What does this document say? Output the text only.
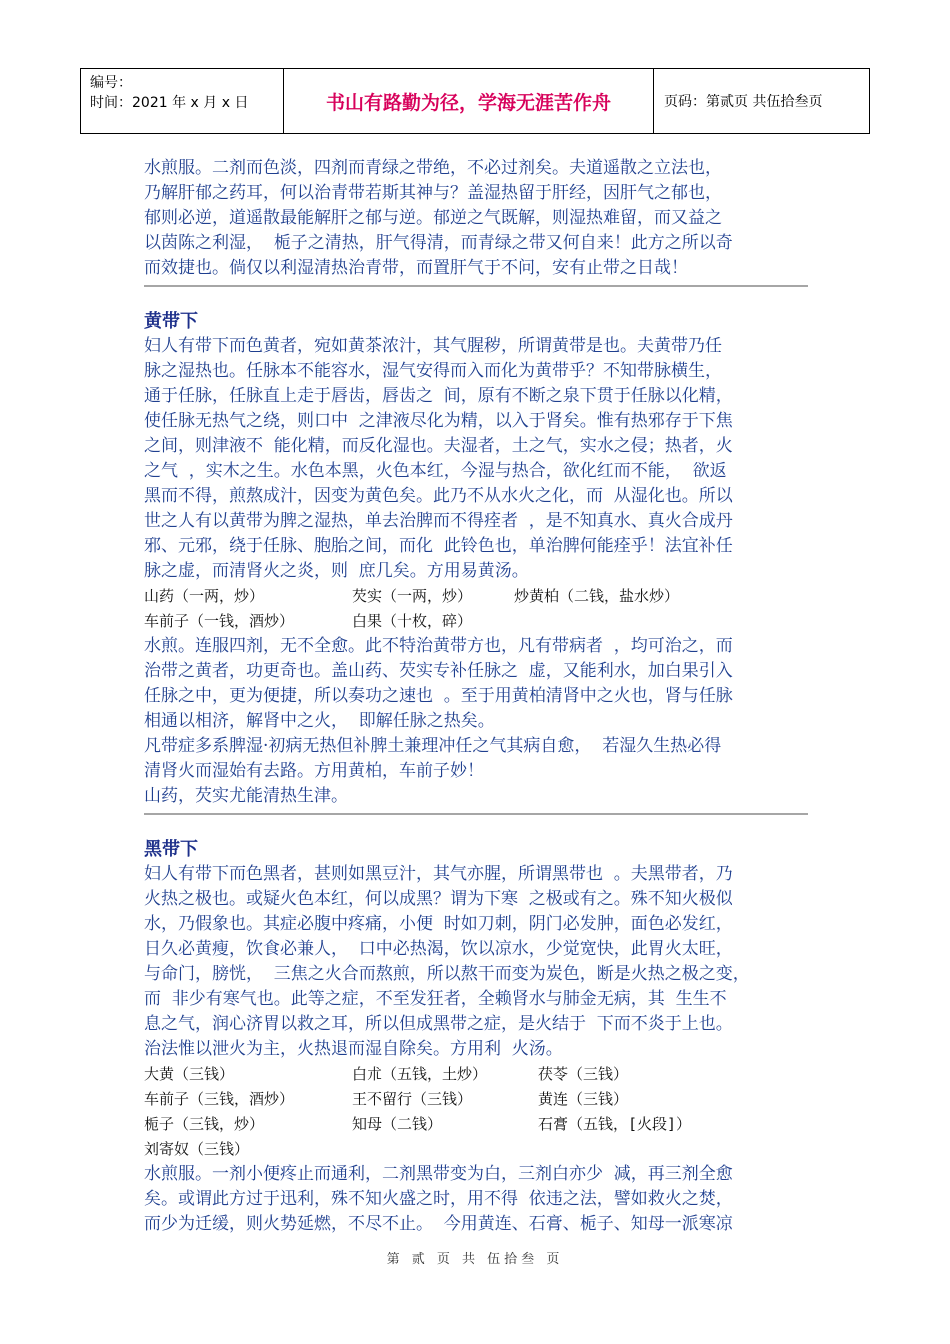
编号：
时间：2021 年 x 月 x 日	书山有路勤为径，学海无涯苦作舟	页码：第贰页 共伍拾叁页

水煎服。二剂而色淡，四剂而青绿之带绝，不必过剂矣。夫道遥散之立法也，

乃解肝郁之药耳，何以治青带若斯其神与？盖湿热留于肝经，因肝气之郁也，

郁则必逆，道遥散最能解肝之郁与逆。郁逆之气既解，则湿热难留，而又益之

以茵陈之利湿，  栀子之清热，肝气得清，而青绿之带又何自来！此方之所以奇

而效捷也。倘仅以利湿清热治青带，而置肝气于不问，安有止带之日哉！

黄带下

妇人有带下而色黄者，宛如黄茶浓汁，其气腥秽，所谓黄带是也。夫黄带乃任

脉之湿热也。任脉本不能容水，湿气安得而入而化为黄带乎？不知带脉横生，

通于任脉，任脉直上走于唇齿，唇齿之  间，原有不断之泉下贯于任脉以化精，

使任脉无热气之绕，则口中  之津液尽化为精，以入于肾矣。惟有热邪存于下焦

之间，则津液不  能化精，而反化湿也。夫湿者，土之气，实水之侵；热者，火

之气  ，实木之生。水色本黑，火色本红，今湿与热合，欲化红而不能，  欲返

黑而不得，煎熬成汁，因变为黄色矣。此乃不从水火之化，而  从湿化也。所以

世之人有以黄带为脾之湿热，单去治脾而不得痊者  ，是不知真水、真火合成丹

邪、元邪，绕于任脉、胞胎之间，而化  此铃色也，单治脾何能痊乎！法宜补任

脉之虚，而清肾火之炎，则  庶几矣。方用易黄汤。

山药（一两，炒）	芡实（一两，炒）	炒黄柏（二钱，盐水炒）
车前子（一钱，酒炒）	白果（十枚，碎）

水煎。连服四剂，无不全愈。此不特治黄带方也，凡有带病者  ，均可治之，而

治带之黄者，功更奇也。盖山药、芡实专补任脉之  虚，又能利水，加白果引入

任脉之中，更为便捷，所以奏功之速也  。至于用黄柏清肾中之火也，肾与任脉

相通以相济，解肾中之火，  即解任脉之热矣。

凡带症多系脾湿·初病无热但补脾土兼理冲任之气其病自愈，  若湿久生热必得

清肾火而湿始有去路。方用黄柏，车前子妙！

山药，芡实尤能清热生津。

黑带下

妇人有带下而色黑者，甚则如黑豆汁，其气亦腥，所谓黑带也  。夫黑带者，乃

火热之极也。或疑火色本红，何以成黑？谓为下寒  之极或有之。殊不知火极似

水，乃假象也。其症必腹中疼痛，小便  时如刀刺，阴门必发肿，面色必发红，

日久必黄瘦，饮食必兼人，  口中必热渴，饮以凉水，少觉宽快，此胃火太旺，

与命门，膀恍，  三焦之火合而熬煎，所以熬干而变为炭色，断是火热之极之变，

而  非少有寒气也。此等之症，不至发狂者，全赖肾水与肺金无病，其  生生不

息之气，润心济胃以救之耳，所以但成黑带之症，是火结于  下而不炎于上也。

治法惟以泄火为主，火热退而湿自除矣。方用利  火汤。

大黄（三钱）	白朮（五钱，土炒）	茯苓（三钱）
车前子（三钱，酒炒）	王不留行（三钱）	黄连（三钱）
栀子（三钱，炒）	知母（二钱）	石膏（五钱，[火段]）
刘寄奴（三钱）

水煎服。一剂小便疼止而通利，二剂黑带变为白，三剂白亦少  减，再三剂全愈

矣。或谓此方过于迅利，殊不知火盛之时，用不得  依违之法，譬如救火之焚，

而少为迁缓，则火势延燃，不尽不止。  今用黄连、石膏、栀子、知母一派寒凉

第 贰 页 共 伍拾叁 页
